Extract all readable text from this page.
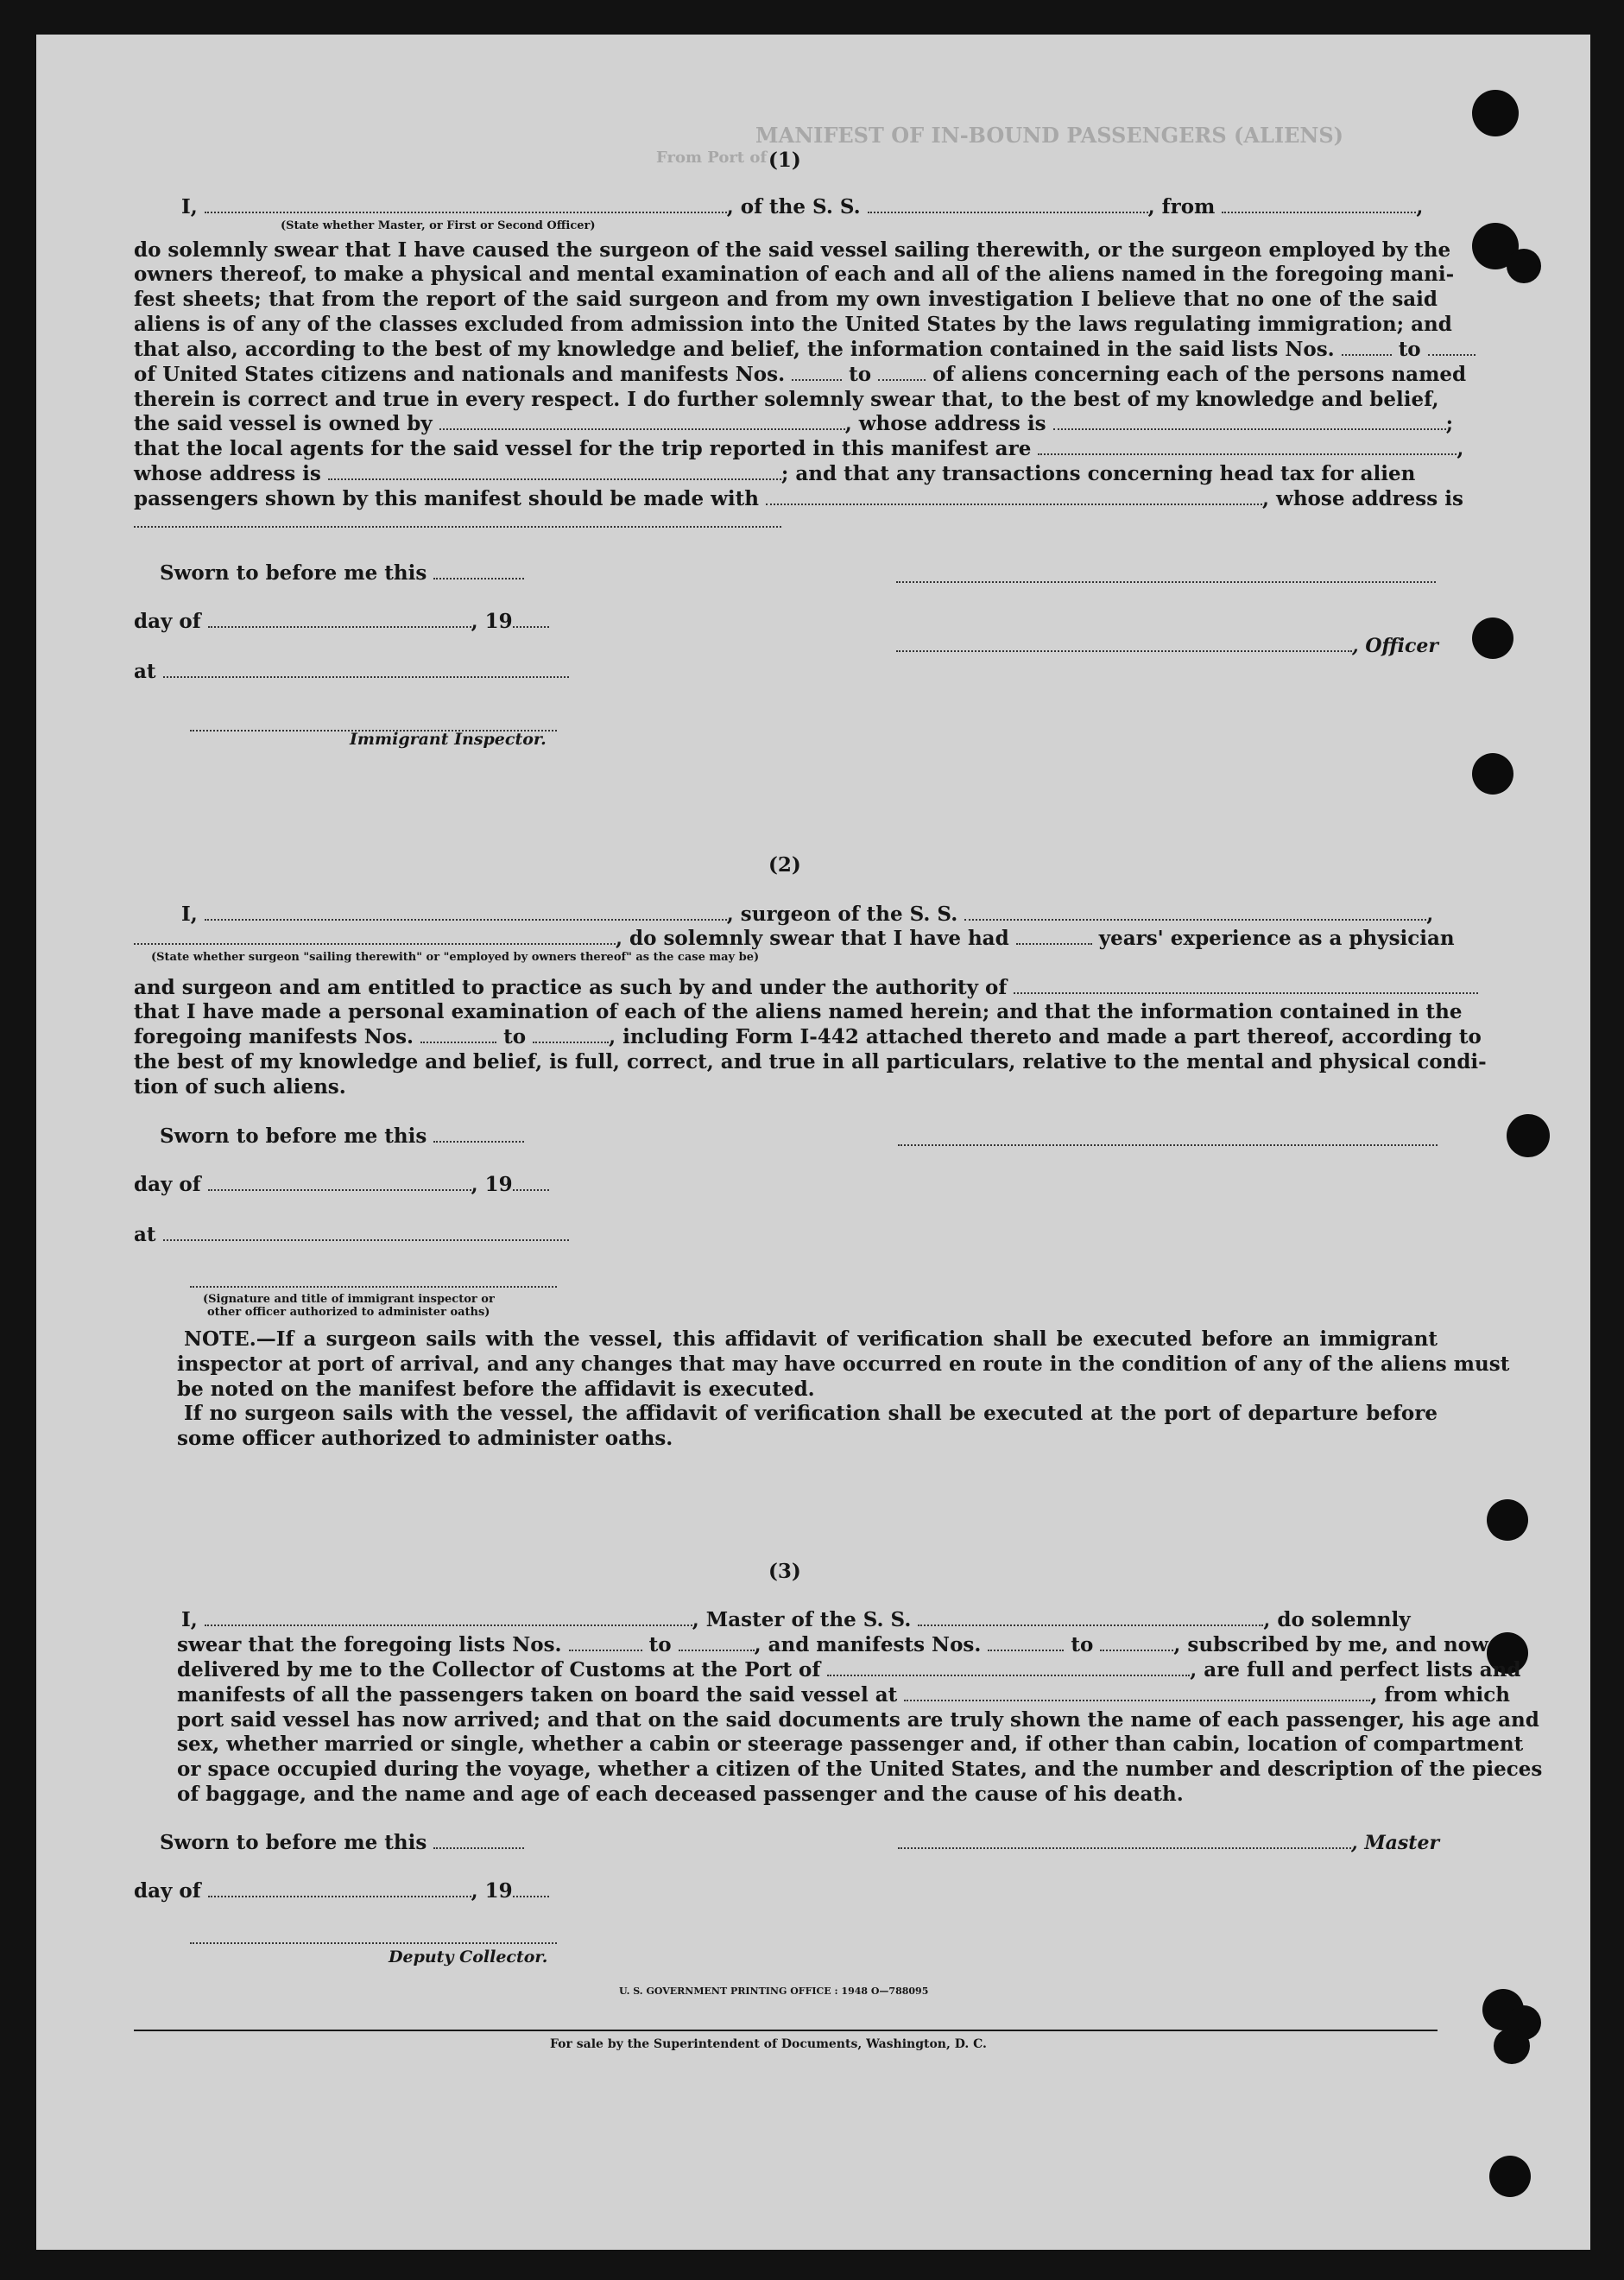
MANIFEST OF IN-BOUND PASSENGERS (ALIENS)
From Port of (1)
I,	, of the S. S.	, from	,
(State whether Master, or First or Second Officer)
do solemnly swear that I have caused the surgeon of the said vessel sailing therewith, or the surgeon employed by the
owners thereof, to make a physical and mental examination of each and all of the aliens named in the foregoing mani-
fest sheets; that from the report of the said surgeon and from my own investigation I believe that no one of the said
aliens is of any of the classes excluded from admission into the United States by the laws regulating immigration; and
that also, according to the best of my knowledge and belief, the information contained in the said lists Nos.	to
of United States citizens and nationals and manifests Nos.	to	of aliens concerning each of the persons named
therein is correct and true in every respect. I do further solemnly swear that, to the best of my knowledge and belief,
the said vessel is owned by	, whose address is	;
that the local agents for the said vessel for the trip reported in this manifest are	,
whose address is	; and that any transactions concerning head tax for alien
passengers shown by this manifest should be made with	, whose address is
Sworn to before me this
day of	, 19
at
, Officer
Immigrant Inspector.
(2)
I,	, surgeon of the S. S.	,
, do solemnly swear that I have had	years' experience as a physician
(State whether surgeon "sailing therewith" or "employed by owners thereof" as the case may be)
and surgeon and am entitled to practice as such by and under the authority of
that I have made a personal examination of each of the aliens named herein; and that the information contained in the
foregoing manifests Nos.	to	, including Form I-442 attached thereto and made a part thereof, according to
the best of my knowledge and belief, is full, correct, and true in all particulars, relative to the mental and physical condi-
tion of such aliens.
Sworn to before me this
day of	, 19
at
(Signature and title of immigrant inspector or
other officer authorized to administer oaths)
NOTE.—If a surgeon sails with the vessel, this affidavit of verification shall be executed before an immigrant
inspector at port of arrival, and any changes that may have occurred en route in the condition of any of the aliens must
be noted on the manifest before the affidavit is executed.
If no surgeon sails with the vessel, the affidavit of verification shall be executed at the port of departure before
some officer authorized to administer oaths.
(3)
I,	, Master of the S. S.	, do solemnly
swear that the foregoing lists Nos.	to	, and manifests Nos.	to	, subscribed by me, and now
delivered by me to the Collector of Customs at the Port of	, are full and perfect lists and
manifests of all the passengers taken on board the said vessel at	, from which
port said vessel has now arrived; and that on the said documents are truly shown the name of each passenger, his age and
sex, whether married or single, whether a cabin or steerage passenger and, if other than cabin, location of compartment
or space occupied during the voyage, whether a citizen of the United States, and the number and description of the pieces
of baggage, and the name and age of each deceased passenger and the cause of his death.
Sworn to before me this
day of	, 19
, Master
Deputy Collector.
U. S. GOVERNMENT PRINTING OFFICE : 1948 O—788095
For sale by the Superintendent of Documents, Washington, D. C.
